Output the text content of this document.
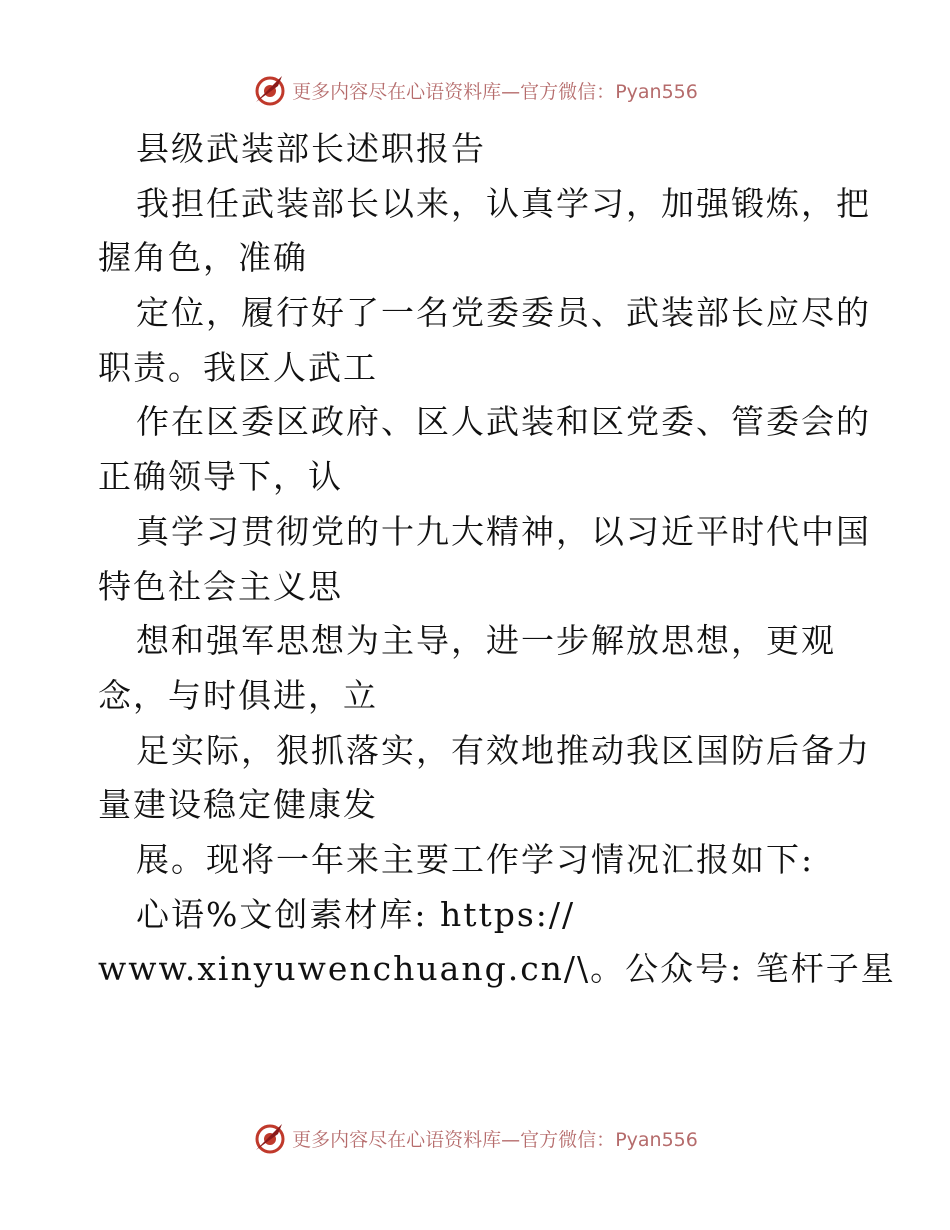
更多内容尽在心语资料库—官方微信：Pyan556
县级武装部长述职报告
我担任武装部长以来，认真学习，加强锻炼，把
握角色，准确
定位，履行好了一名党委委员、武装部长应尽的
职责。我区人武工
作在区委区政府、区人武装和区党委、管委会的
正确领导下，认
真学习贯彻党的十九大精神，以习近平时代中国
特色社会主义思
想和强军思想为主导，进一步解放思想，更观
念，与时俱进，立
足实际，狠抓落实，有效地推动我区国防后备力
量建设稳定健康发
展。现将一年来主要工作学习情况汇报如下:
心语%文创素材库: https://
www.xinyuwenchuang.cn/\。公众号: 笔杆子星
更多内容尽在心语资料库—官方微信：Pyan556
